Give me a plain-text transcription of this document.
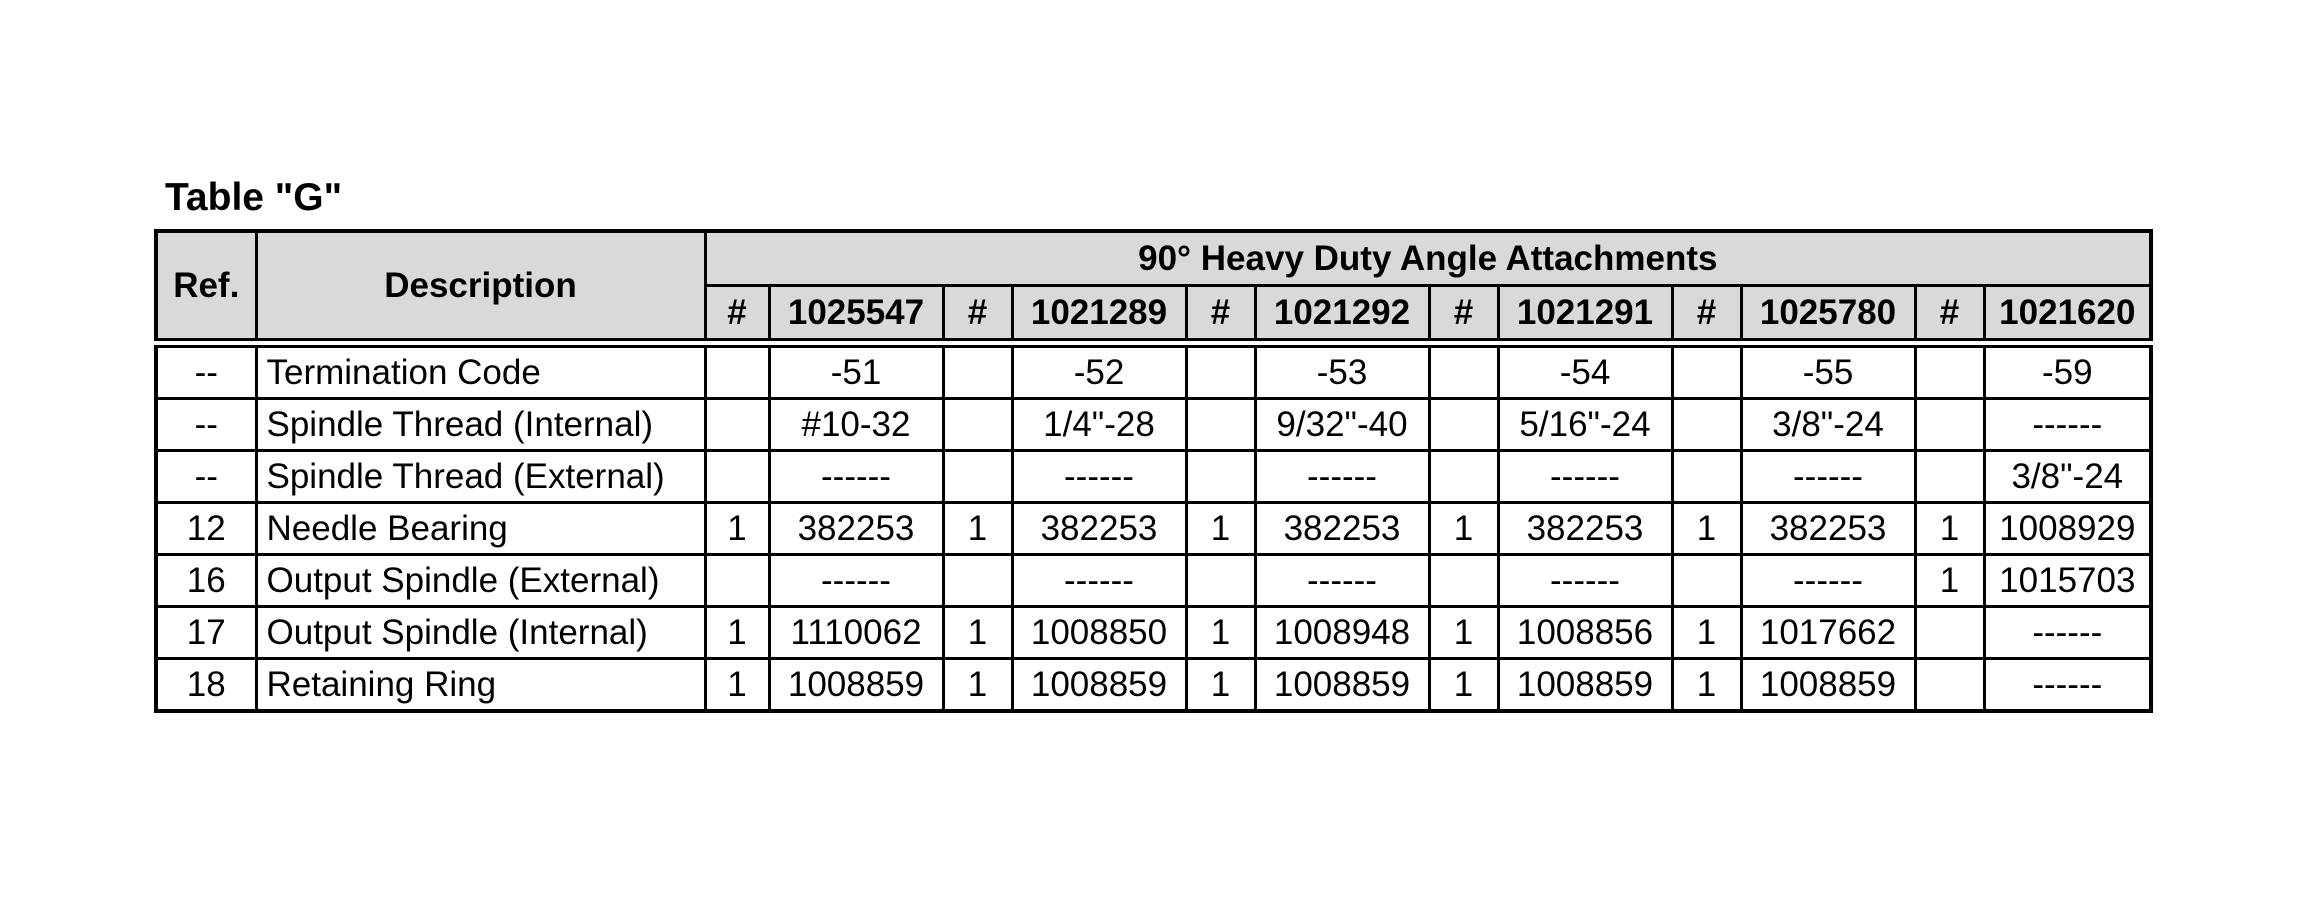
Table "G"
Ref.	Description	90° Heavy Duty Angle Attachments											
		#	1025547	#	1021289	#	1021292	#	1021291	#	1025780	#	1021620
--	Termination Code		-51		-52		-53		-54		-55		-59
--	Spindle Thread (Internal)		#10-32		1/4"-28		9/32"-40		5/16"-24		3/8"-24		------
--	Spindle Thread (External)		------		------		------		------		------		3/8"-24
12	Needle Bearing	1	382253	1	382253	1	382253	1	382253	1	382253	1	1008929
16	Output Spindle (External)		------		------		------		------		------	1	1015703
17	Output Spindle (Internal)	1	1110062	1	1008850	1	1008948	1	1008856	1	1017662		------
18	Retaining Ring	1	1008859	1	1008859	1	1008859	1	1008859	1	1008859		------
